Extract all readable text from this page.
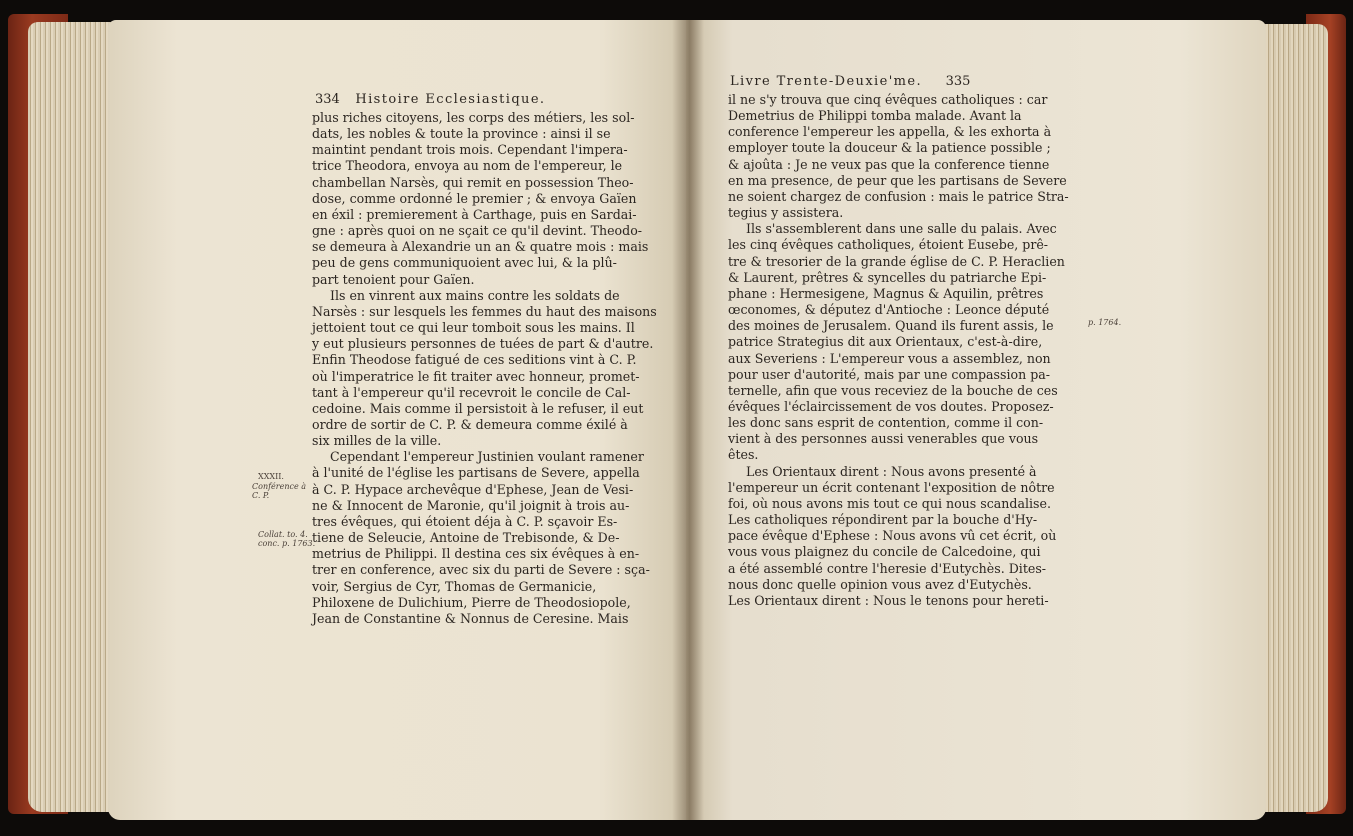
334 Histoire Ecclesiastique.

plus riches citoyens, les corps des métiers, les sol-
dats, les nobles & toute la province : ainsi il se
maintint pendant trois mois. Cependant l'impera-
trice Theodora, envoya au nom de l'empereur, le
chambellan Narsès, qui remit en possession Theo-
dose, comme ordonné le premier ; & envoya Gaïen
en éxil : premierement à Carthage, puis en Sardai-
gne : après quoi on ne sçait ce qu'il devint. Theodo-
se demeura à Alexandrie un an & quatre mois : mais
peu de gens communiquoient avec lui, & la plû-
part tenoient pour Gaïen.

Ils en vinrent aux mains contre les soldats de
Narsès : sur lesquels les femmes du haut des maisons
jettoient tout ce qui leur tomboit sous les mains. Il
y eut plusieurs personnes de tuées de part & d'autre.
Enfin Theodose fatigué de ces seditions vint à C. P.
où l'imperatrice le fit traiter avec honneur, promet-
tant à l'empereur qu'il recevroit le concile de Cal-
cedoine. Mais comme il persistoit à le refuser, il eut
ordre de sortir de C. P. & demeura comme éxilé à
six milles de la ville.

Cependant l'empereur Justinien voulant ramener
à l'unité de l'église les partisans de Severe, appella
à C. P. Hypace archevêque d'Ephese, Jean de Vesi-
ne & Innocent de Maronie, qu'il joignit à trois au-
tres évêques, qui étoient déja à C. P. sçavoir Es-
tiene de Seleucie, Antoine de Trebisonde, & De-
metrius de Philippi. Il destina ces six évêques à en-
trer en conference, avec six du parti de Severe : sça-
voir, Sergius de Cyr, Thomas de Germanicie,
Philoxene de Dulichium, Pierre de Theodosiopole,
Jean de Constantine & Nonnus de Ceresine. Mais

XXXII.
Conférence à
C. P.
Collat. to. 4.
conc. p. 1763.
Livre Trente-Deuxie'me. 335

il ne s'y trouva que cinq évêques catholiques : car
Demetrius de Philippi tomba malade. Avant la
conference l'empereur les appella, & les exhorta à
employer toute la douceur & la patience possible ;
& ajoûta : Je ne veux pas que la conference tienne
en ma presence, de peur que les partisans de Severe
ne soient chargez de confusion : mais le patrice Stra-
tegius y assistera.

Ils s'assemblerent dans une salle du palais. Avec
les cinq évêques catholiques, étoient Eusebe, prê-
tre & tresorier de la grande église de C. P. Heraclien
& Laurent, prêtres & syncelles du patriarche Epi-
phane : Hermesigene, Magnus & Aquilin, prêtres
œconomes, & députez d'Antioche : Leonce député
des moines de Jerusalem. Quand ils furent assis, le
patrice Strategius dit aux Orientaux, c'est-à-dire,
aux Severiens : L'empereur vous a assemblez, non
pour user d'autorité, mais par une compassion pa-
ternelle, afin que vous receviez de la bouche de ces
évêques l'éclaircissement de vos doutes. Proposez-
les donc sans esprit de contention, comme il con-
vient à des personnes aussi venerables que vous
êtes.

Les Orientaux dirent : Nous avons presenté à
l'empereur un écrit contenant l'exposition de nôtre
foi, où nous avons mis tout ce qui nous scandalise.
Les catholiques répondirent par la bouche d'Hy-
pace évêque d'Ephese : Nous avons vû cet écrit, où
vous vous plaignez du concile de Calcedoine, qui
a été assemblé contre l'heresie d'Eutychès. Dites-
nous donc quelle opinion vous avez d'Eutychès.
Les Orientaux dirent : Nous le tenons pour hereti-

p. 1764.
